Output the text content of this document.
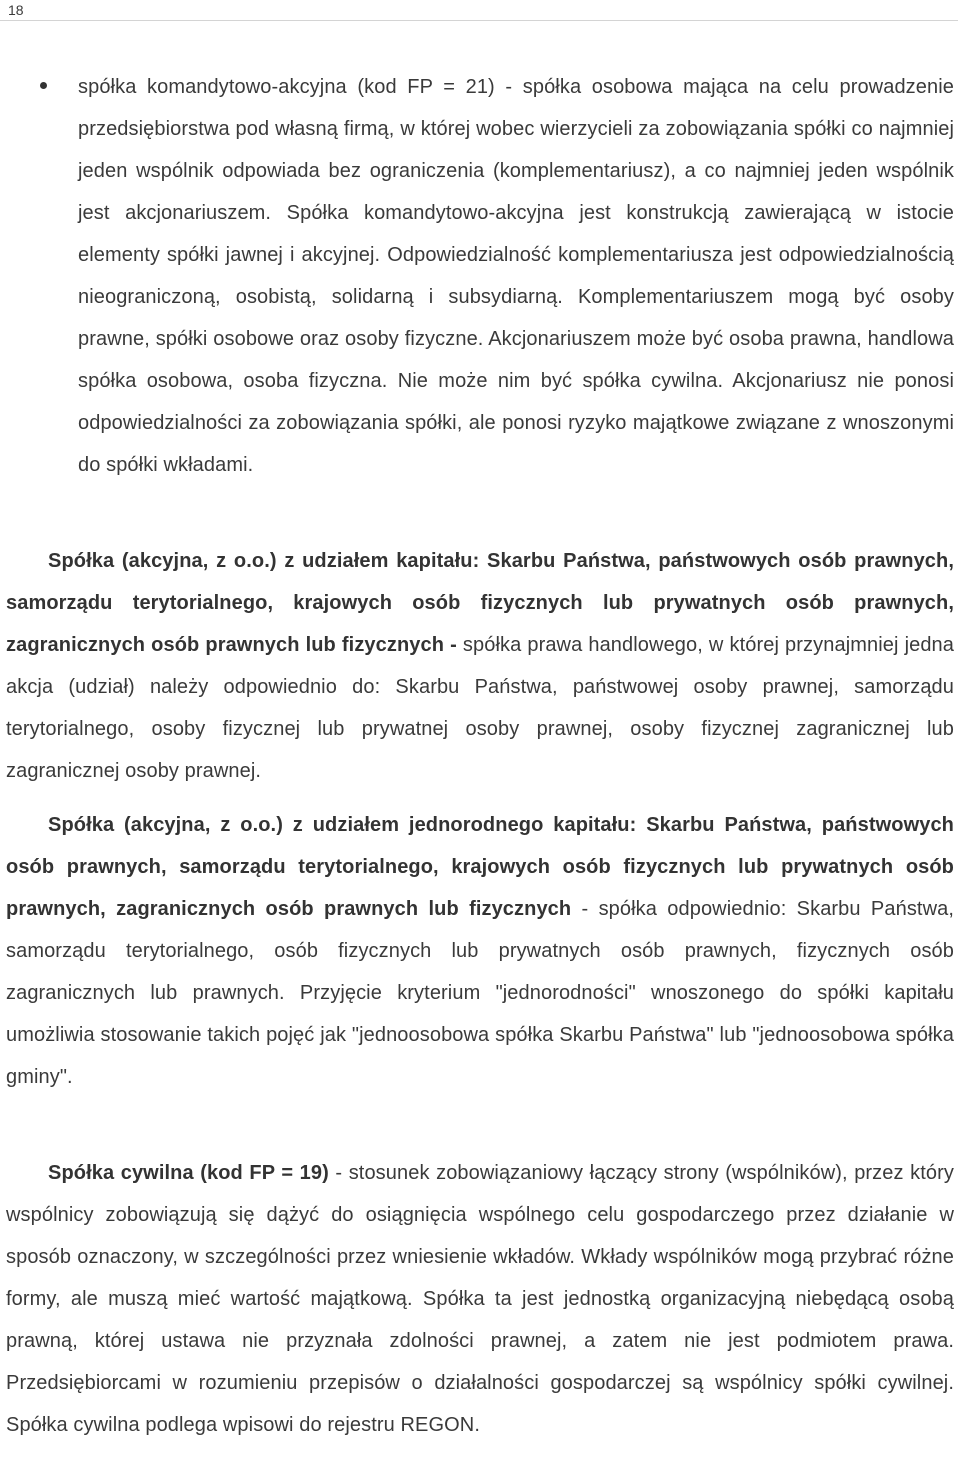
18

spółka komandytowo-akcyjna (kod FP = 21) - spółka osobowa mająca na celu prowadzenie przedsiębiorstwa pod własną firmą, w której wobec wierzycieli za zobowiązania spółki co najmniej jeden wspólnik odpowiada bez ograniczenia (komplementariusz), a co najmniej jeden wspólnik jest akcjonariuszem. Spółka komandytowo-akcyjna jest konstrukcją zawierającą w istocie elementy spółki jawnej i akcyjnej. Odpowiedzialność komplementariusza jest odpowiedzialnością nieograniczoną, osobistą, solidarną i subsydiarną. Komplementariuszem mogą być osoby prawne, spółki osobowe oraz osoby fizyczne. Akcjonariuszem może być osoba prawna, handlowa spółka osobowa, osoba fizyczna. Nie może nim być spółka cywilna. Akcjonariusz nie ponosi odpowiedzialności za zobowiązania spółki, ale ponosi ryzyko majątkowe związane z wnoszonymi do spółki wkładami.

Spółka (akcyjna, z o.o.) z udziałem kapitału: Skarbu Państwa, państwowych osób prawnych, samorządu terytorialnego, krajowych osób fizycznych lub prywatnych osób prawnych, zagranicznych osób prawnych lub fizycznych - spółka prawa handlowego, w której przynajmniej jedna akcja (udział) należy odpowiednio do: Skarbu Państwa, państwowej osoby prawnej, samorządu terytorialnego, osoby fizycznej lub prywatnej osoby prawnej, osoby fizycznej zagranicznej lub zagranicznej osoby prawnej.

Spółka (akcyjna, z o.o.) z udziałem jednorodnego kapitału: Skarbu Państwa, państwowych osób prawnych, samorządu terytorialnego, krajowych osób fizycznych lub prywatnych osób prawnych, zagranicznych osób prawnych lub fizycznych - spółka odpowiednio: Skarbu Państwa, samorządu terytorialnego, osób fizycznych lub prywatnych osób prawnych, fizycznych osób zagranicznych lub prawnych. Przyjęcie kryterium "jednorodności" wnoszonego do spółki kapitału umożliwia stosowanie takich pojęć jak "jednoosobowa spółka Skarbu Państwa" lub "jednoosobowa spółka gminy".

Spółka cywilna (kod FP = 19) - stosunek zobowiązaniowy łączący strony (wspólników), przez który wspólnicy zobowiązują się dążyć do osiągnięcia wspólnego celu gospodarczego przez działanie w sposób oznaczony, w szczególności przez wniesienie wkładów. Wkłady wspólników mogą przybrać różne formy, ale muszą mieć wartość majątkową. Spółka ta jest jednostką organizacyjną niebędącą osobą prawną, której ustawa nie przyznała zdolności prawnej, a zatem nie jest podmiotem prawa. Przedsiębiorcami w rozumieniu przepisów o działalności gospodarczej są wspólnicy spółki cywilnej. Spółka cywilna podlega wpisowi do rejestru REGON.
